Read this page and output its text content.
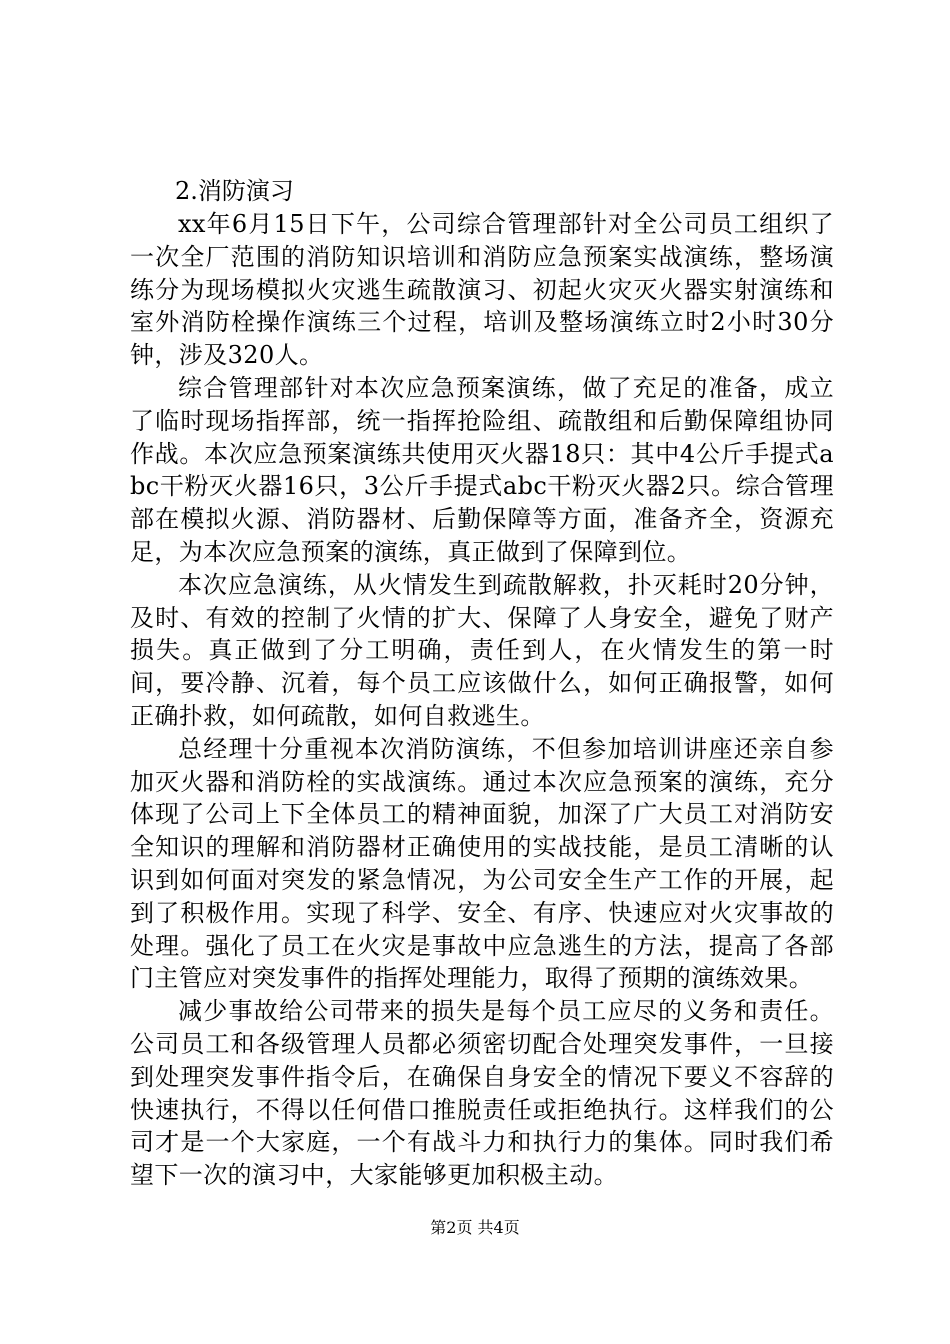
2.消防演习

xx年6月15日下午，公司综合管理部针对全公司员工组织了一次全厂范围的消防知识培训和消防应急预案实战演练，整场演练分为现场模拟火灾逃生疏散演习、初起火灾灭火器实射演练和室外消防栓操作演练三个过程，培训及整场演练立时2小时30分钟，涉及320人。

综合管理部针对本次应急预案演练，做了充足的准备，成立了临时现场指挥部，统一指挥抢险组、疏散组和后勤保障组协同作战。本次应急预案演练共使用灭火器18只：其中4公斤手提式abc干粉灭火器16只，3公斤手提式abc干粉灭火器2只。综合管理部在模拟火源、消防器材、后勤保障等方面，准备齐全，资源充足，为本次应急预案的演练，真正做到了保障到位。

本次应急演练，从火情发生到疏散解救，扑灭耗时20分钟，及时、有效的控制了火情的扩大、保障了人身安全，避免了财产损失。真正做到了分工明确，责任到人，在火情发生的第一时间，要冷静、沉着，每个员工应该做什么，如何正确报警，如何正确扑救，如何疏散，如何自救逃生。

总经理十分重视本次消防演练，不但参加培训讲座还亲自参加灭火器和消防栓的实战演练。通过本次应急预案的演练，充分体现了公司上下全体员工的精神面貌，加深了广大员工对消防安全知识的理解和消防器材正确使用的实战技能，是员工清晰的认识到如何面对突发的紧急情况，为公司安全生产工作的开展，起到了积极作用。实现了科学、安全、有序、快速应对火灾事故的处理。强化了员工在火灾是事故中应急逃生的方法，提高了各部门主管应对突发事件的指挥处理能力，取得了预期的演练效果。

减少事故给公司带来的损失是每个员工应尽的义务和责任。公司员工和各级管理人员都必须密切配合处理突发事件，一旦接到处理突发事件指令后，在确保自身安全的情况下要义不容辞的快速执行，不得以任何借口推脱责任或拒绝执行。这样我们的公司才是一个大家庭，一个有战斗力和执行力的集体。同时我们希望下一次的演习中，大家能够更加积极主动。

第2页 共4页
